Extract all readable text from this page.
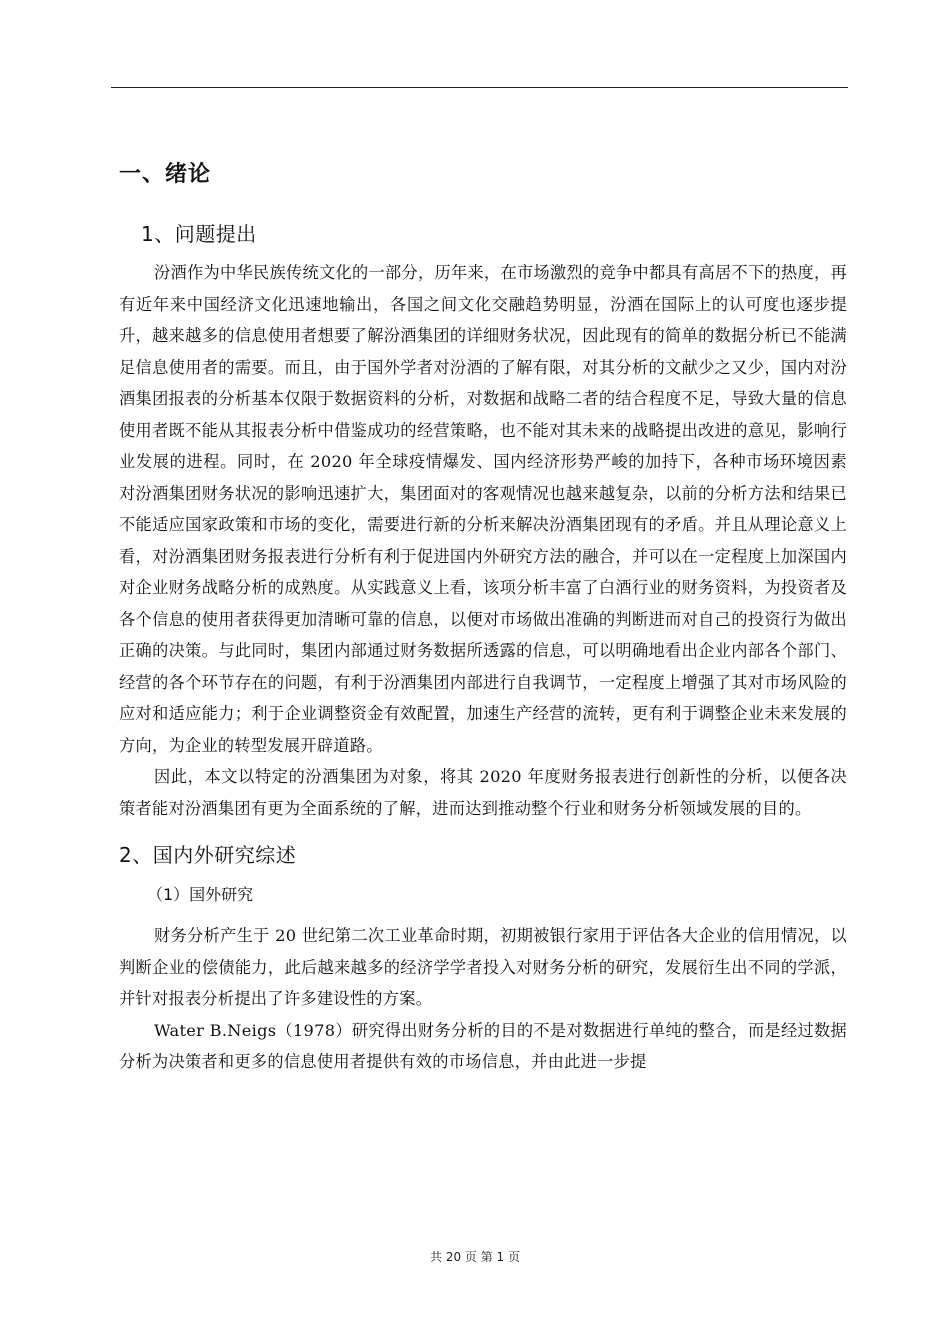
一、绪论
1、问题提出

汾酒作为中华民族传统文化的一部分，历年来，在市场激烈的竞争中都具有高居不下的热度，再有近年来中国经济文化迅速地输出，各国之间文化交融趋势明显，汾酒在国际上的认可度也逐步提升，越来越多的信息使用者想要了解汾酒集团的详细财务状况，因此现有的简单的数据分析已不能满足信息使用者的需要。而且，由于国外学者对汾酒的了解有限，对其分析的文献少之又少，国内对汾酒集团报表的分析基本仅限于数据资料的分析，对数据和战略二者的结合程度不足，导致大量的信息使用者既不能从其报表分析中借鉴成功的经营策略，也不能对其未来的战略提出改进的意见，影响行业发展的进程。同时，在 2020 年全球疫情爆发、国内经济形势严峻的加持下，各种市场环境因素对汾酒集团财务状况的影响迅速扩大，集团面对的客观情况也越来越复杂，以前的分析方法和结果已不能适应国家政策和市场的变化，需要进行新的分析来解决汾酒集团现有的矛盾。并且从理论意义上看，对汾酒集团财务报表进行分析有利于促进国内外研究方法的融合，并可以在一定程度上加深国内对企业财务战略分析的成熟度。从实践意义上看，该项分析丰富了白酒行业的财务资料，为投资者及各个信息的使用者获得更加清晰可靠的信息，以便对市场做出准确的判断进而对自己的投资行为做出正确的决策。与此同时，集团内部通过财务数据所透露的信息，可以明确地看出企业内部各个部门、经营的各个环节存在的问题，有利于汾酒集团内部进行自我调节，一定程度上增强了其对市场风险的应对和适应能力；利于企业调整资金有效配置，加速生产经营的流转，更有利于调整企业未来发展的方向，为企业的转型发展开辟道路。

因此，本文以特定的汾酒集团为对象，将其 2020 年度财务报表进行创新性的分析，以便各决策者能对汾酒集团有更为全面系统的了解，进而达到推动整个行业和财务分析领域发展的目的。

2、国内外研究综述
（1）国外研究

财务分析产生于 20 世纪第二次工业革命时期，初期被银行家用于评估各大企业的信用情况，以判断企业的偿债能力，此后越来越多的经济学学者投入对财务分析的研究，发展衍生出不同的学派，并针对报表分析提出了许多建设性的方案。

Water B.Neigs（1978）研究得出财务分析的目的不是对数据进行单纯的整合，而是经过数据分析为决策者和更多的信息使用者提供有效的市场信息，并由此进一步提

共 20 页 第 1 页
